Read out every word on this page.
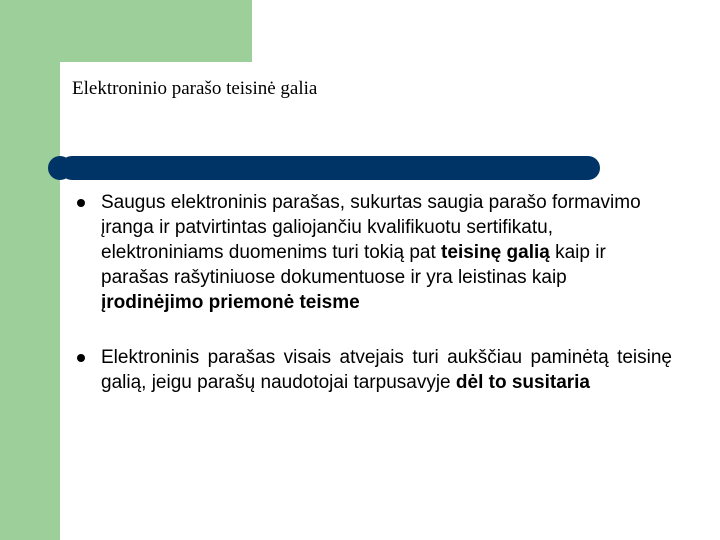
Elektroninio parašo teisinė galia
Saugus elektroninis parašas, sukurtas saugia parašo formavimo įranga ir patvirtintas galiojančiu kvalifikuotu sertifikatu, elektroniniams duomenims turi tokią pat teisinę galią kaip ir parašas rašytiniuose dokumentuose ir yra leistinas kaip įrodinėjimo priemonė teisme
Elektroninis parašas visais atvejais turi aukščiau paminėtą teisinę galią, jeigu parašų naudotojai tarpusavyje dėl to susitaria
